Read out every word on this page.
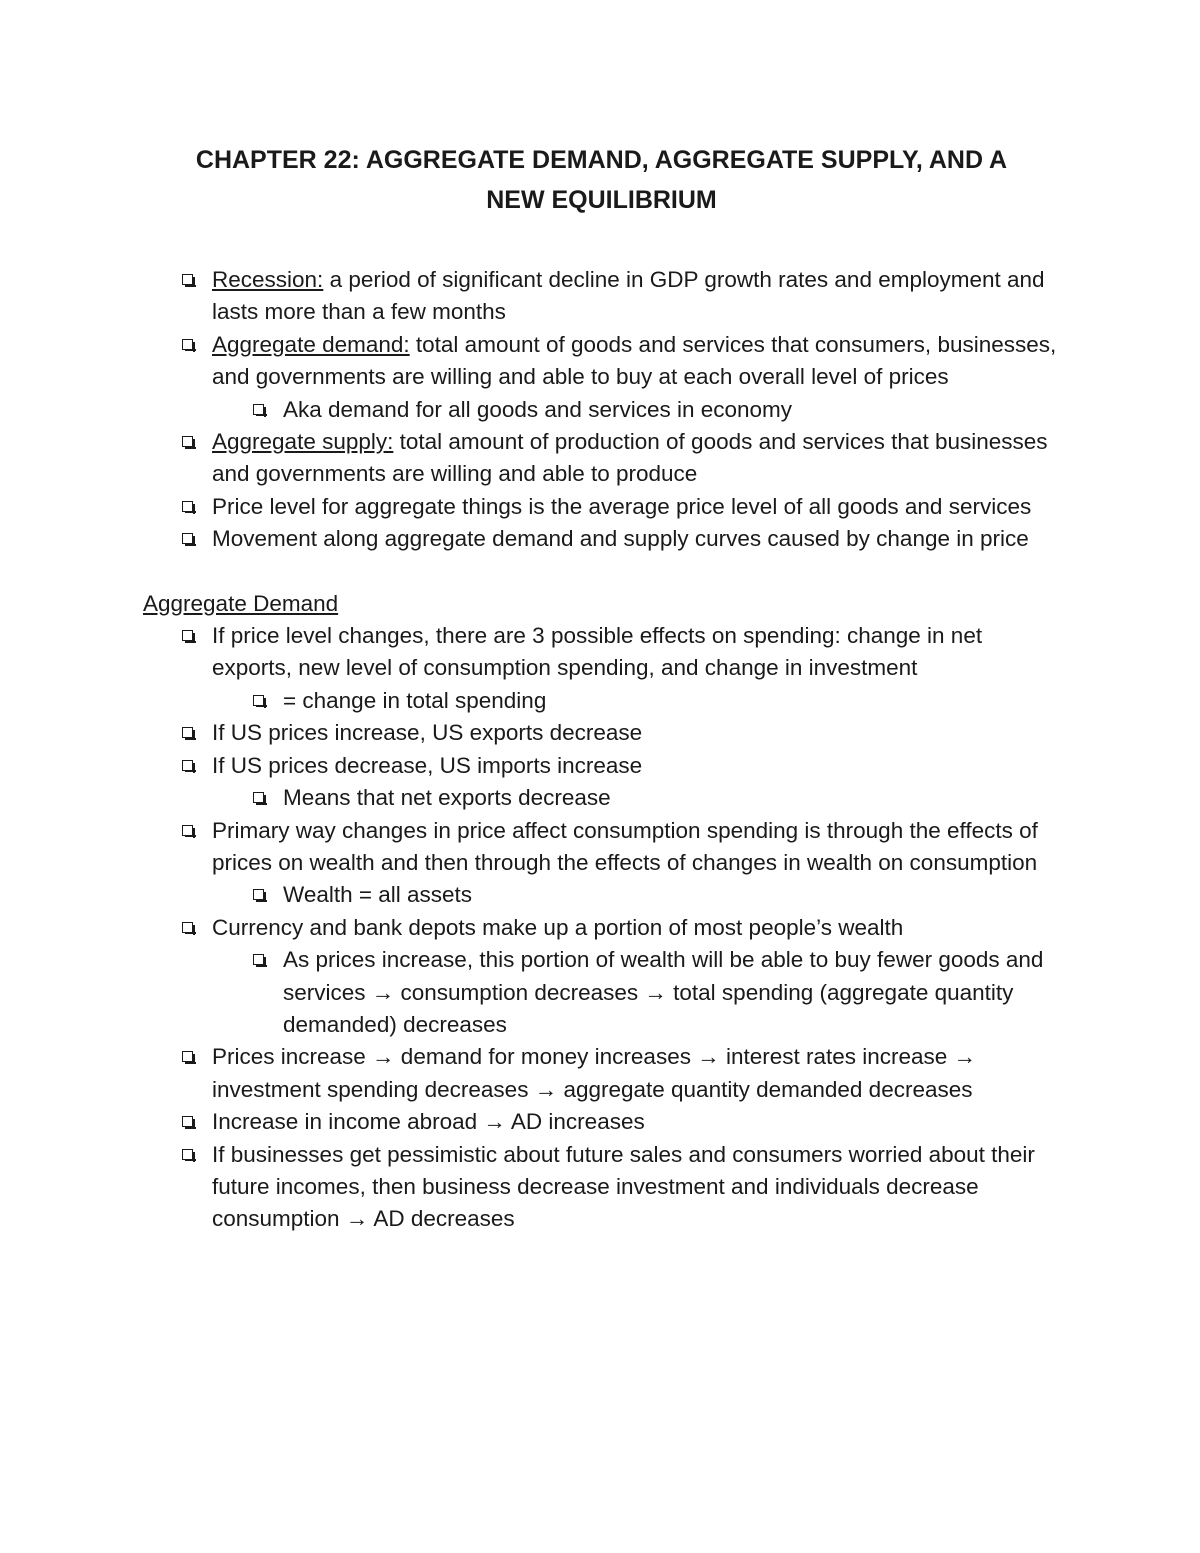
CHAPTER 22: AGGREGATE DEMAND, AGGREGATE SUPPLY, AND A
NEW EQUILIBRIUM
Recession: a period of significant decline in GDP growth rates and employment and lasts more than a few months
Aggregate demand: total amount of goods and services that consumers, businesses, and governments are willing and able to buy at each overall level of prices
Aka demand for all goods and services in economy
Aggregate supply: total amount of production of goods and services that businesses and governments are willing and able to produce
Price level for aggregate things is the average price level of all goods and services
Movement along aggregate demand and supply curves caused by change in price
Aggregate Demand
If price level changes, there are 3 possible effects on spending: change in net exports, new level of consumption spending, and change in investment
= change in total spending
If US prices increase, US exports decrease
If US prices decrease, US imports increase
Means that net exports decrease
Primary way changes in price affect consumption spending is through the effects of prices on wealth and then through the effects of changes in wealth on consumption
Wealth = all assets
Currency and bank depots make up a portion of most people’s wealth
As prices increase, this portion of wealth will be able to buy fewer goods and services → consumption decreases → total spending (aggregate quantity demanded) decreases
Prices increase → demand for money increases → interest rates increase → investment spending decreases → aggregate quantity demanded decreases
Increase in income abroad → AD increases
If businesses get pessimistic about future sales and consumers worried about their future incomes, then business decrease investment and individuals decrease consumption → AD decreases
